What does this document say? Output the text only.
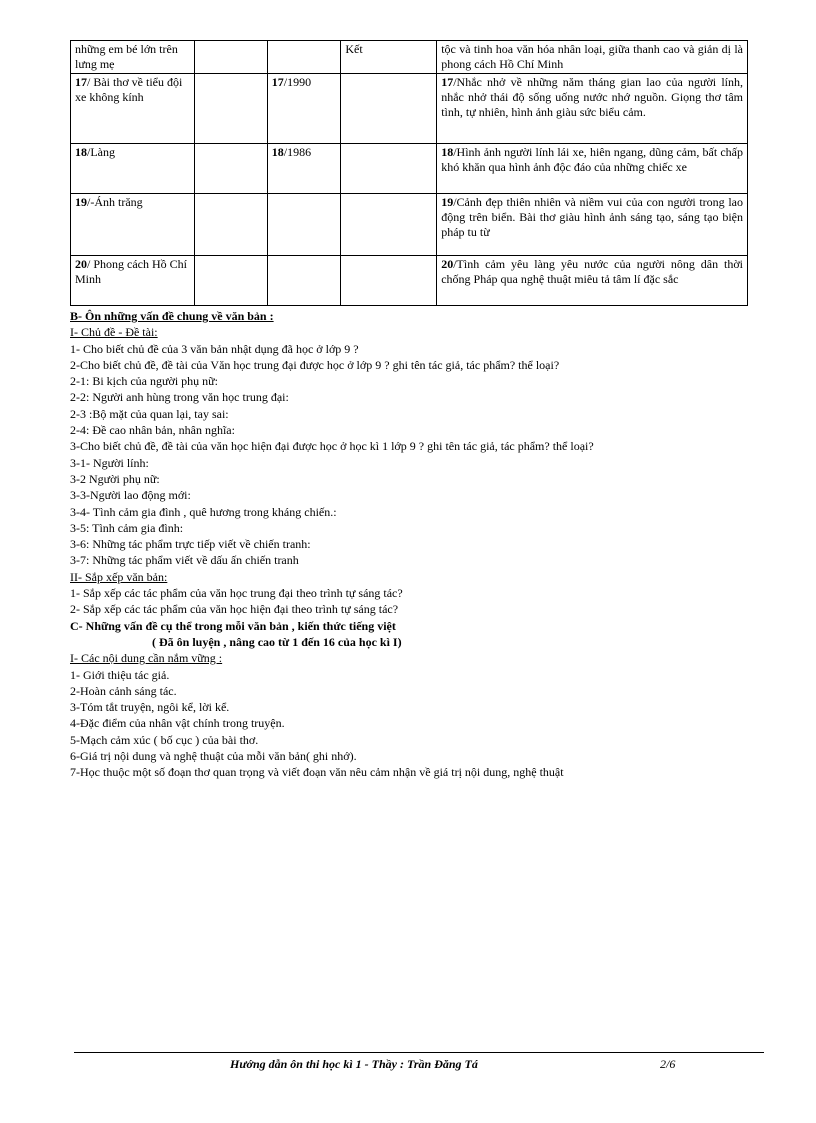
những em bé lớn trên lưng mẹ			Kết	tộc và tinh hoa văn hóa nhân loại, giữa thanh cao và giản dị là phong cách Hồ Chí Minh
17/ Bài thơ về tiểu đội xe không kính		17/1990		17/Nhắc nhở về những năm tháng gian lao của người lính, nhắc nhở thái độ sống uống nước nhớ nguồn. Giọng thơ tâm tình, tự nhiên, hình ảnh giàu sức biểu cảm.
18/Làng		18/1986		18/Hình ảnh người lính lái xe, hiên ngang, dũng cảm, bất chấp khó khăn qua hình ảnh độc đáo của những chiếc xe
19/-Ánh trăng				19/Cảnh đẹp thiên nhiên và niềm vui của con người trong lao động trên biển. Bài thơ giàu hình ảnh sáng tạo, sáng tạo biện pháp tu từ
20/ Phong cách Hồ Chí Minh				20/Tình cảm yêu làng yêu nước của người nông dân thời chống Pháp qua nghệ thuật miêu tả tâm lí đặc sắc
B- Ôn những vấn đề chung về văn bản :
I- Chủ đề - Đề tài:
1- Cho biết chủ đề của 3 văn bản nhật dụng đã học ở lớp 9 ?
2-Cho biết chủ đề, đề tài của Văn học trung đại được học ở lớp 9 ? ghi tên tác giả, tác phẩm? thể loại?
2-1: Bi kịch của người phụ nữ:
2-2: Người anh hùng trong văn học trung đại:
2-3 :Bộ mặt của quan lại, tay sai:
2-4: Đề cao nhân bản, nhân nghĩa:
3-Cho biết chủ đề, đề tài của văn học hiện đại được học ở học kì 1 lớp 9 ? ghi tên tác giả, tác phẩm? thể loại?
3-1- Người lính:
3-2 Người phụ nữ:
3-3-Người lao động mới:
3-4- Tình cảm gia đình , quê hương trong kháng chiến.:
3-5: Tình cảm gia đình:
3-6: Những tác phẩm trực tiếp viết về chiến tranh:
3-7: Những tác phẩm viết về dấu ấn chiến tranh
II- Sắp xếp văn bản:
1- Sắp xếp các tác phẩm của văn học trung đại theo trình tự sáng tác?
2- Sắp xếp các tác phẩm của văn học hiện đại theo trình tự sáng tác?
C- Những vấn đề cụ thể trong mỗi văn bản , kiến thức tiếng việt
( Đã ôn luyện , nâng cao từ 1 đến 16 của học kì I)
I- Các nội dung cần nắm vững :
1- Giới thiệu tác giả.
2-Hoàn cảnh sáng tác.
3-Tóm tắt truyện, ngôi kể, lời kể.
4-Đặc điểm của nhân vật chính trong truyện.
5-Mạch cảm xúc ( bố cục ) của bài thơ.
6-Giá trị nội dung và nghệ thuật của mỗi văn bản( ghi nhớ).
7-Học thuộc một số đoạn thơ quan trọng và viết đoạn văn nêu cảm nhận về giá trị nội dung, nghệ thuật
Hướng dẫn ôn thi học kì 1 - Thầy : Trần Đăng Tá	2/6
